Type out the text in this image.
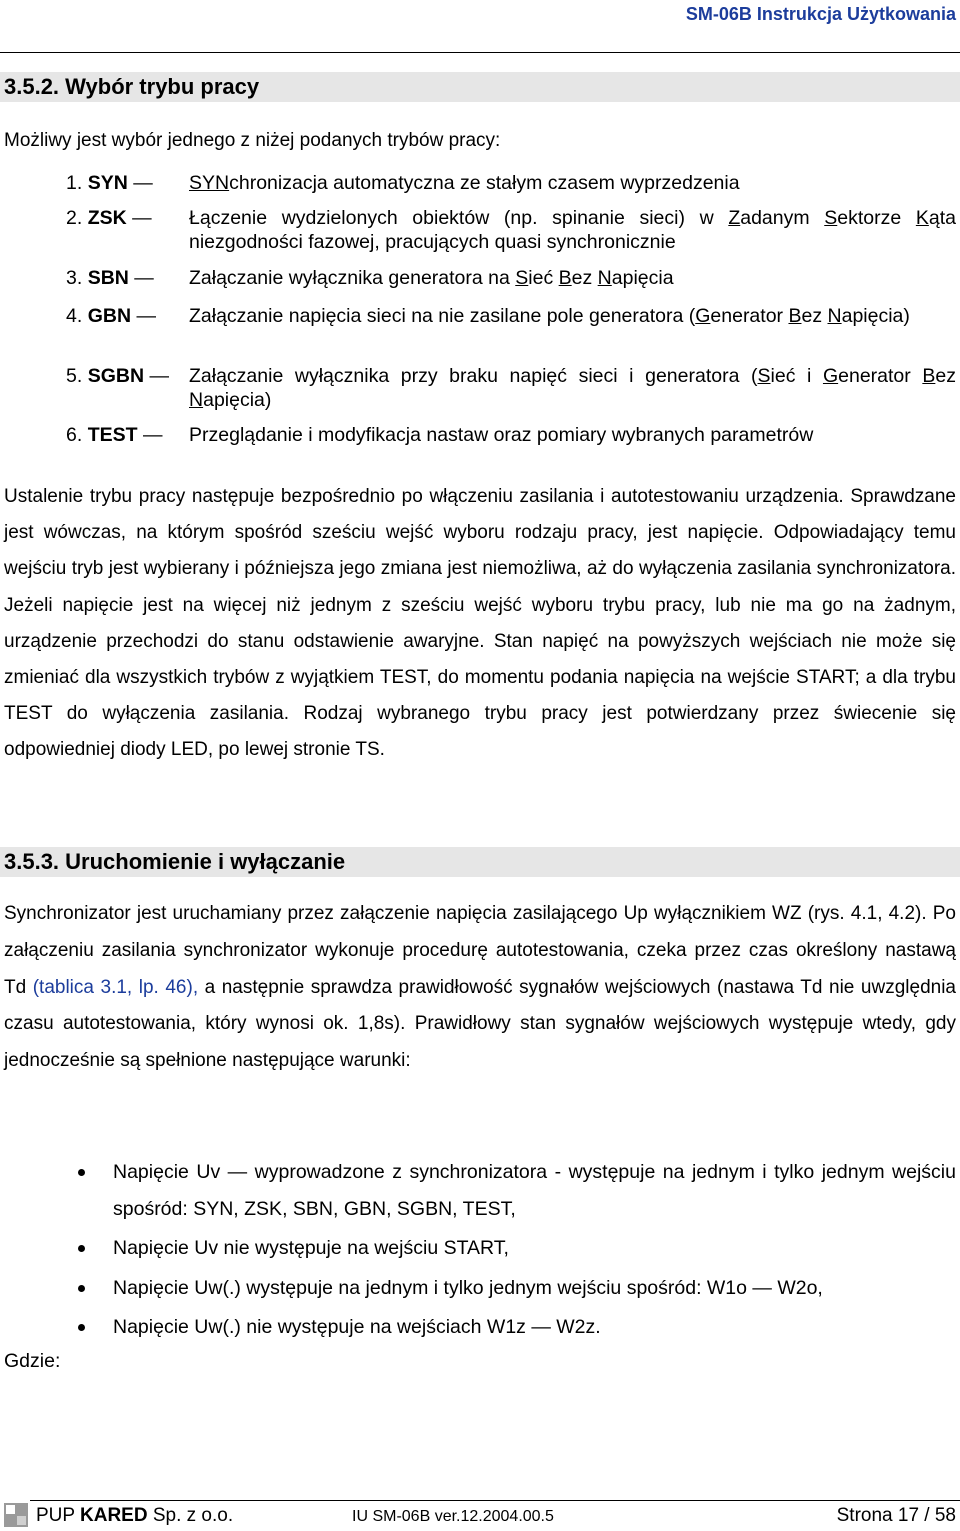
SM-06B Instrukcja Użytkowania
3.5.2. Wybór trybu pracy

Możliwy jest wybór jednego z niżej podanych trybów pracy:

1. SYN — SYNchronizacja automatyczna ze stałym czasem wyprzedzenia
2. ZSK — Łączenie wydzielonych obiektów (np. spinanie sieci) w Zadanym Sektorze Kąta niezgodności fazowej, pracujących quasi synchronicznie
3. SBN — Załączanie wyłącznika generatora na Sieć Bez Napięcia
4. GBN — Załączanie napięcia sieci na nie zasilane pole generatora (Generator Bez Napięcia)
5. SGBN — Załączanie wyłącznika przy braku napięć sieci i generatora (Sieć i Generator Bez Napięcia)
6. TEST — Przeglądanie i modyfikacja nastaw oraz pomiary wybranych parametrów

Ustalenie trybu pracy następuje bezpośrednio po włączeniu zasilania i autotestowaniu urządzenia. Sprawdzane jest wówczas, na którym spośród sześciu wejść wyboru rodzaju pracy, jest napięcie. Odpowiadający temu wejściu tryb jest wybierany i późniejsza jego zmiana jest niemożliwa, aż do wyłączenia zasilania synchronizatora. Jeżeli napięcie jest na więcej niż jednym z sześciu wejść wyboru trybu pracy, lub nie ma go na żadnym, urządzenie przechodzi do stanu odstawienie awaryjne. Stan napięć na powyższych wejściach nie może się zmieniać dla wszystkich trybów z wyjątkiem TEST, do momentu podania napięcia na wejście START; a dla trybu TEST do wyłączenia zasilania. Rodzaj wybranego trybu pracy jest potwierdzany przez świecenie się odpowiedniej diody LED, po lewej stronie TS.

3.5.3. Uruchomienie i wyłączanie

Synchronizator jest uruchamiany przez załączenie napięcia zasilającego Up wyłącznikiem WZ (rys. 4.1, 4.2). Po załączeniu zasilania synchronizator wykonuje procedurę autotestowania, czeka przez czas określony nastawą Td (tablica 3.1, lp. 46), a następnie sprawdza prawidłowość sygnałów wejściowych (nastawa Td nie uwzględnia czasu autotestowania, który wynosi ok. 1,8s). Prawidłowy stan sygnałów wejściowych występuje wtedy, gdy jednocześnie są spełnione następujące warunki:

Napięcie Uv — wyprowadzone z synchronizatora - występuje na jednym i tylko jednym wejściu spośród: SYN, ZSK, SBN, GBN, SGBN, TEST,
Napięcie Uv nie występuje na wejściu START,
Napięcie Uw(.) występuje na jednym i tylko jednym wejściu spośród: W1o — W2o,
Napięcie Uw(.) nie występuje na wejściach W1z — W2z.
Gdzie:
PUP KARED Sp. z o.o.	IU SM-06B ver.12.2004.00.5	Strona 17 / 58
